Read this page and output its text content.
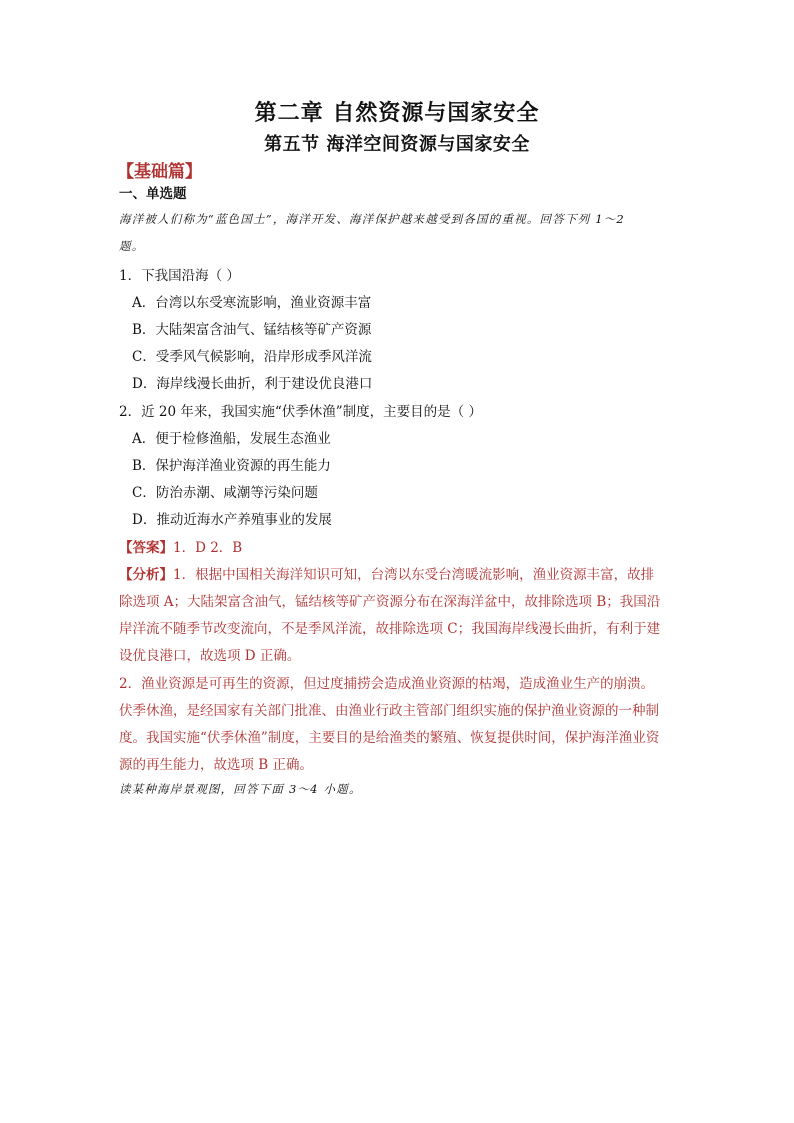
第二章 自然资源与国家安全
第五节 海洋空间资源与国家安全
【基础篇】
一、单选题
海洋被人们称为“蓝色国土”，海洋开发、海洋保护越来越受到各国的重视。回答下列 1～2
题。
1．下我国沿海（ ）
A．台湾以东受寒流影响，渔业资源丰富
B．大陆架富含油气、锰结核等矿产资源
C．受季风气候影响，沿岸形成季风洋流
D．海岸线漫长曲折，利于建设优良港口
2．近 20 年来，我国实施“伏季休渔”制度，主要目的是（ ）
A．便于检修渔船，发展生态渔业
B．保护海洋渔业资源的再生能力
C．防治赤潮、咸潮等污染问题
D．推动近海水产养殖事业的发展
【答案】1．D 2．B
【分析】1．根据中国相关海洋知识可知，台湾以东受台湾暖流影响，渔业资源丰富，故排
除选项 A；大陆架富含油气，锰结核等矿产资源分布在深海洋盆中，故排除选项 B；我国沿
岸洋流不随季节改变流向，不是季风洋流，故排除选项 C；我国海岸线漫长曲折，有利于建
设优良港口，故选项 D 正确。
2．渔业资源是可再生的资源，但过度捕捞会造成渔业资源的枯竭，造成渔业生产的崩溃。
伏季休渔，是经国家有关部门批准、由渔业行政主管部门组织实施的保护渔业资源的一种制
度。我国实施“伏季休渔”制度，主要目的是给渔类的繁殖、恢复提供时间，保护海洋渔业资
源的再生能力，故选项 B 正确。
读某种海岸景观图，回答下面 3～4 小题。
